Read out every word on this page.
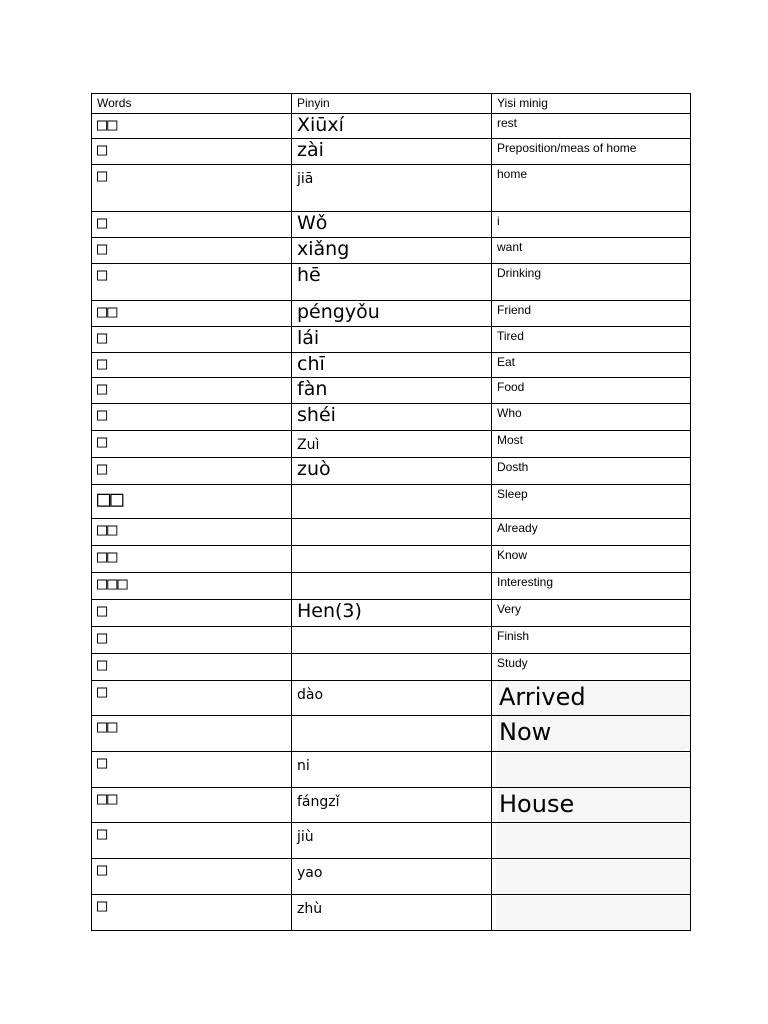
Words	Pinyin	Yisi minig
□□	Xiūxí	rest
□	zài	Preposition/meas of home
□	jiā	home
□	Wǒ	i
□	xiǎng	want
□	hē	Drinking
□□	péngyǒu	Friend
□	lái	Tired
□	chī	Eat
□	fàn	Food
□	shéi	Who
□	Zuì	Most
□	zuò	Dosth
□□		Sleep
□□		Already
□□		Know
□□□		Interesting
□	Hen(3)	Very
□		Finish
□		Study
□	dào	Arrived

□□		Now

□	ni	

□□	fángzǐ	House

□	jiù	

□	yao	

□	zhù	
